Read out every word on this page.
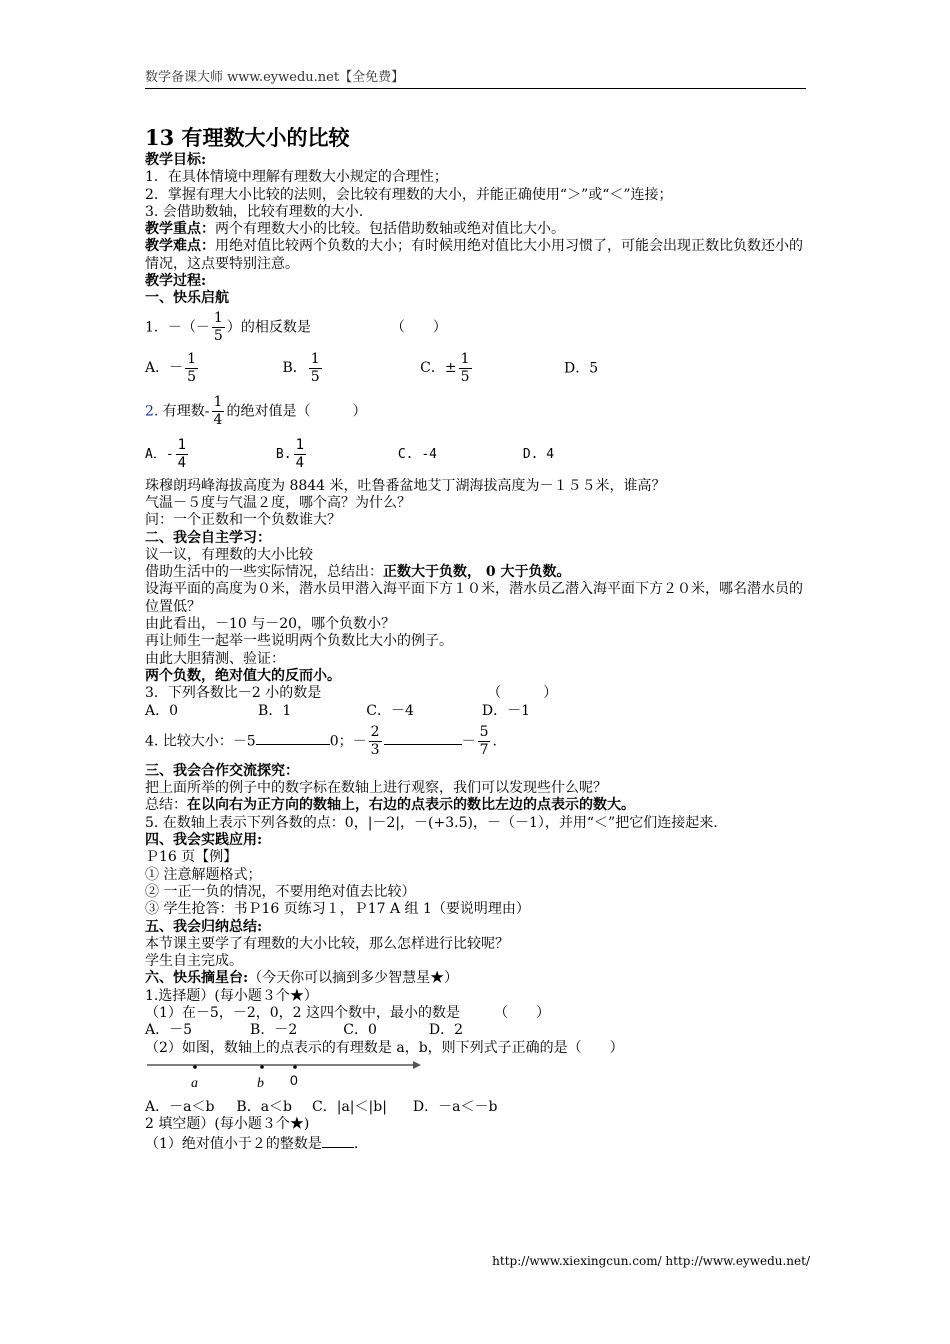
数学备课大师 www.eywedu.net【全免费】
13 有理数大小的比较
教学目标:
1．在具体情境中理解有理数大小规定的合理性；
2．掌握有理大小比较的法则，会比较有理数的大小，并能正确使用“＞”或“＜”连接；
3. 会借助数轴，比较有理数的大小.
教学重点：两个有理数大小的比较。包括借助数轴或绝对值比大小。
教学难点：用绝对值比较两个负数的大小；有时候用绝对值比大小用习惯了，可能会出现正数比负数还小的情况，这点要特别注意。
教学过程:
一、快乐启航
1．－（－ $\frac{1}{5}$ ）的相反数是	（　　）
A．－ $\frac{1}{5}$	B． $\frac{1}{5}$	C．± $\frac{1}{5}$	D．5
2. 有理数- $\frac{1}{4}$ 的绝对值是（　　　）
A．- $\frac{1}{4}$	B. $\frac{1}{4}$	C. -4	D. 4
珠穆朗玛峰海拔高度为 8844 米，吐鲁番盆地艾丁湖海拔高度为－１５５米，谁高？
气温－５度与气温２度，哪个高？为什么？
问：一个正数和一个负数谁大？
二、我会自主学习：
议一议，有理数的大小比较
借助生活中的一些实际情况，总结出：正数大于负数， 0 大于负数。
设海平面的高度为０米，潜水员甲潜入海平面下方１０米，潜水员乙潜入海平面下方２０米，哪名潜水员的位置低？
由此看出，－10 与－20，哪个负数小？
再让师生一起举一些说明两个负数比大小的例子。
由此大胆猜测、验证：
两个负数，绝对值大的反而小。
3．下列各数比－2 小的数是	（　　　）
A．0	B．1	C．－4	D．－1
4. 比较大小：－5	0；－ $\frac{2}{3}$	－ $\frac{5}{7}$ .
三、我会合作交流探究：
把上面所举的例子中的数字标在数轴上进行观察，我们可以发现些什么呢？
总结：在以向右为正方向的数轴上，右边的点表示的数比左边的点表示的数大。
5. 在数轴上表示下列各数的点：0，|－2|，－(+3.5)，－（－1），并用“＜”把它们连接起来.
四、我会实践应用:
Ｐ16 页【例】
① 注意解题格式；
② 一正一负的情况，不要用绝对值去比较）
③ 学生抢答：书Ｐ16 页练习１，Ｐ17 A 组 1（要说明理由）
五、我会归纳总结:
本节课主要学了有理数的大小比较，那么怎样进行比较呢？
学生自主完成。
六、快乐摘星台:（今天你可以摘到多少智慧星★）
1.选择题）(每小题３个★）
（1）在－5，－2，0，2 这四个数中，最小的数是 （　　）
A．－5	B．－2	C．0	D．2
（2）如图，数轴上的点表示的有理数是 a，b，则下列式子正确的是（　　）
a	b 0
A．－a＜b B．a＜b C．|a|＜|b| D．－a＜－b
2 填空题）(每小题３个★)
（1）绝对值小于２的整数是 .
http://www.xiexingcun.com/ http://www.eywedu.net/
